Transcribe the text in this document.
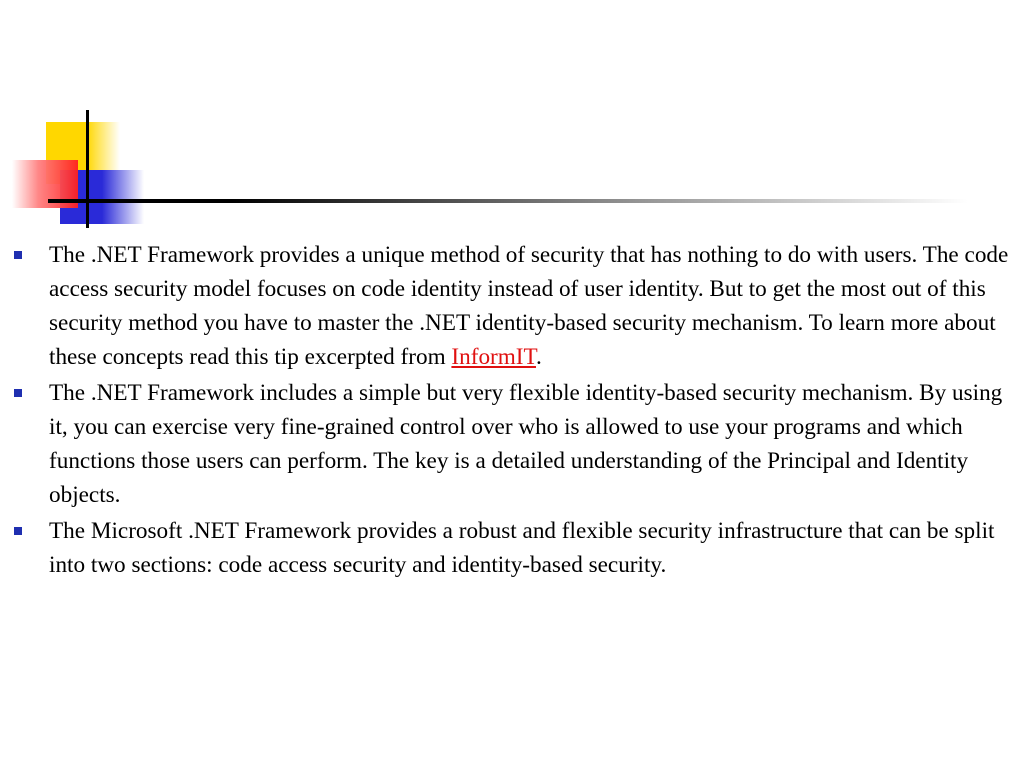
The .NET Framework provides a unique method of security that has nothing to do with users. The code access security model focuses on code identity instead of user identity. But to get the most out of this security method you have to master the .NET identity-based security mechanism. To learn more about these concepts read this tip excerpted from InformIT.
The .NET Framework includes a simple but very flexible identity-based security mechanism. By using it, you can exercise very fine-grained control over who is allowed to use your programs and which functions those users can perform. The key is a detailed understanding of the Principal and Identity objects.
The Microsoft .NET Framework provides a robust and flexible security infrastructure that can be split into two sections: code access security and identity-based security.
